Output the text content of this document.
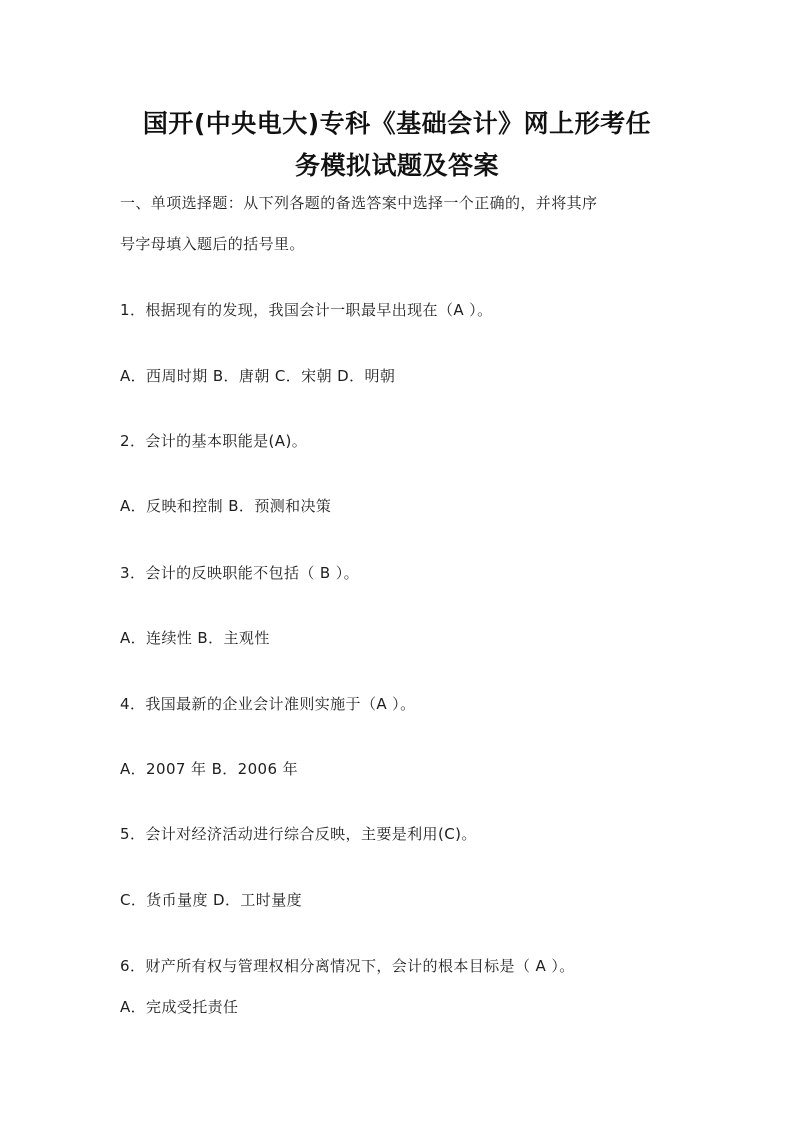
国开(中央电大)专科《基础会计》网上形考任
务模拟试题及答案
一、单项选择题：从下列各题的备选答案中选择一个正确的，并将其序
号字母填入题后的括号里。
1．根据现有的发现，我国会计一职最早出现在（A ）。
A．西周时期 B．唐朝 C．宋朝 D．明朝
2．会计的基本职能是(A)。
A．反映和控制 B．预测和决策
3．会计的反映职能不包括（ B ）。
A．连续性 B．主观性
4．我国最新的企业会计准则实施于（A ）。
A．2007 年 B．2006 年
5．会计对经济活动进行综合反映，主要是利用(C)。
C．货币量度 D．工时量度
6．财产所有权与管理权相分离情况下，会计的根本目标是（ A ）。
A．完成受托责任
